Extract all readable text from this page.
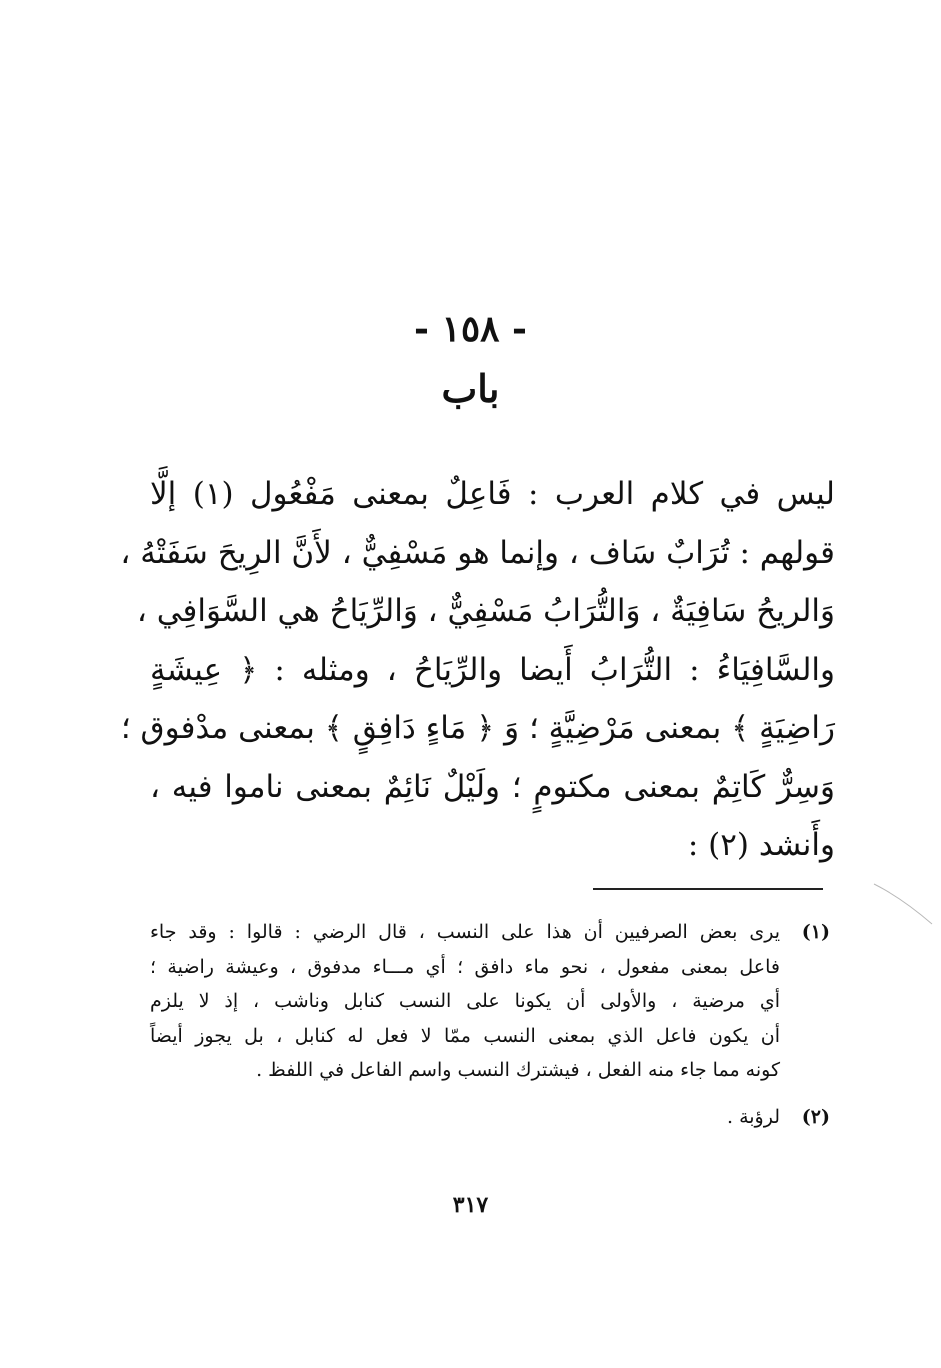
- ١٥٨ -
باب
ليس في كلام العرب : فَاعِلٌ بمعنى مَفْعُول (١) إلَّا
قولهم : تُرَابٌ سَاف ، وإنما هو مَسْفِيٌّ ، لأَنَّ الرِيحَ سَفَتْهُ ،
وَالريحُ سَافِيَةٌ ، وَالتُّرَابُ مَسْفِيٌّ ، وَالرِّيَاحُ هي السَّوَافِي ،
والسَّافِيَاءُ : التُّرَابُ أَيضا والرِّيَاحُ ، ومثله : ﴿ عِيشَةٍ
رَاضِيَةٍ ﴾ بمعنى مَرْضِيَّةٍ ؛ وَ ﴿ مَاءٍ دَافِقٍ ﴾ بمعنى مدْفوق ؛
وَسِرٌّ كَاتِمٌ بمعنى مكتومٍ ؛ ولَيْلٌ نَائِمٌ بمعنى ناموا فيه ،
وأَنشد (٢) :
(١)
يرى بعض الصرفيين أن هذا على النسب ، قال الرضي : قالوا : وقد جاء
فاعل بمعنى مفعول ، نحو ماء دافق ؛ أي مـــاء مدفوق ، وعيشة راضية ؛
أي مرضية ، والأولى أن يكونا على النسب كنابل وناشب ، إذ لا يلزم
أن يكون فاعل الذي بمعنى النسب ممّا لا فعل له كنابل ، بل يجوز أيضاً
كونه مما جاء منه الفعل ، فيشترك النسب واسم الفاعل في اللفظ .
(٢)
لرؤبة .
٣١٧
